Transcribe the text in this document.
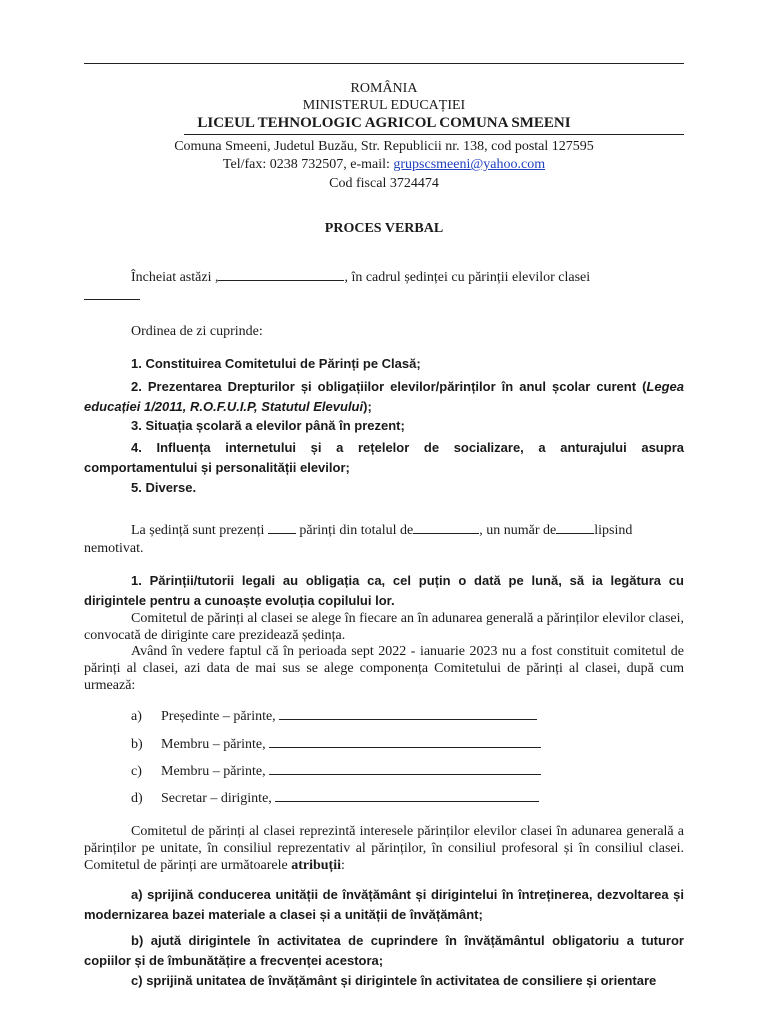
ROMÂNIA
MINISTERUL EDUCAȚIEI
LICEUL TEHNOLOGIC AGRICOL COMUNA SMEENI
Comuna Smeeni, Judetul Buzău, Str. Republicii nr. 138, cod postal 127595
Tel/fax: 0238 732507, e-mail: grupscsmeeni@yahoo.com
Cod fiscal 3724474
PROCES VERBAL
Încheiat astăzi ,	, în cadrul ședinței cu părinții elevilor clasei
Ordinea de zi cuprinde:
1. Constituirea Comitetului de Părinți pe Clasă;
2. Prezentarea Drepturilor și obligațiilor elevilor/părinților în anul școlar curent (Legea educației 1/2011, R.O.F.U.I.P, Statutul Elevului);
3. Situația școlară a elevilor până în prezent;
4. Influența internetului și a rețelelor de socializare, a anturajului asupra comportamentului și personalității elevilor;
5. Diverse.
La ședință sunt prezenți  părinți din totalul de	, un număr de	lipsind
nemotivat.
1. Părinții/tutorii legali au obligația ca, cel puțin o dată pe lună, să ia legătura cu dirigintele pentru a cunoaște evoluția copilului lor.
Comitetul de părinți al clasei se alege în fiecare an în adunarea generală a părinților elevilor clasei, convocată de diriginte care prezidează ședința.
Având în vedere faptul că în perioada sept 2022 - ianuarie 2023 nu a fost constituit comitetul de părinți al clasei, azi data de mai sus se alege componența Comitetului de părinți al clasei, după cum urmează:
a) Președinte – părinte,
b) Membru – părinte,
c) Membru – părinte,
d) Secretar – diriginte,
Comitetul de părinți al clasei reprezintă interesele părinților elevilor clasei în adunarea generală a părinților pe unitate, în consiliul reprezentativ al părinților, în consiliul profesoral și în consiliul clasei. Comitetul de părinți are următoarele atribuții:
a) sprijină conducerea unității de învățământ și dirigintelui în întreținerea, dezvoltarea și modernizarea bazei materiale a clasei și a unității de învățământ;
b) ajută dirigintele în activitatea de cuprindere în învățământul obligatoriu a tuturor copiilor și de îmbunătățire a frecvenței acestora;
c) sprijină unitatea de învățământ și dirigintele în activitatea de consiliere și orientare
